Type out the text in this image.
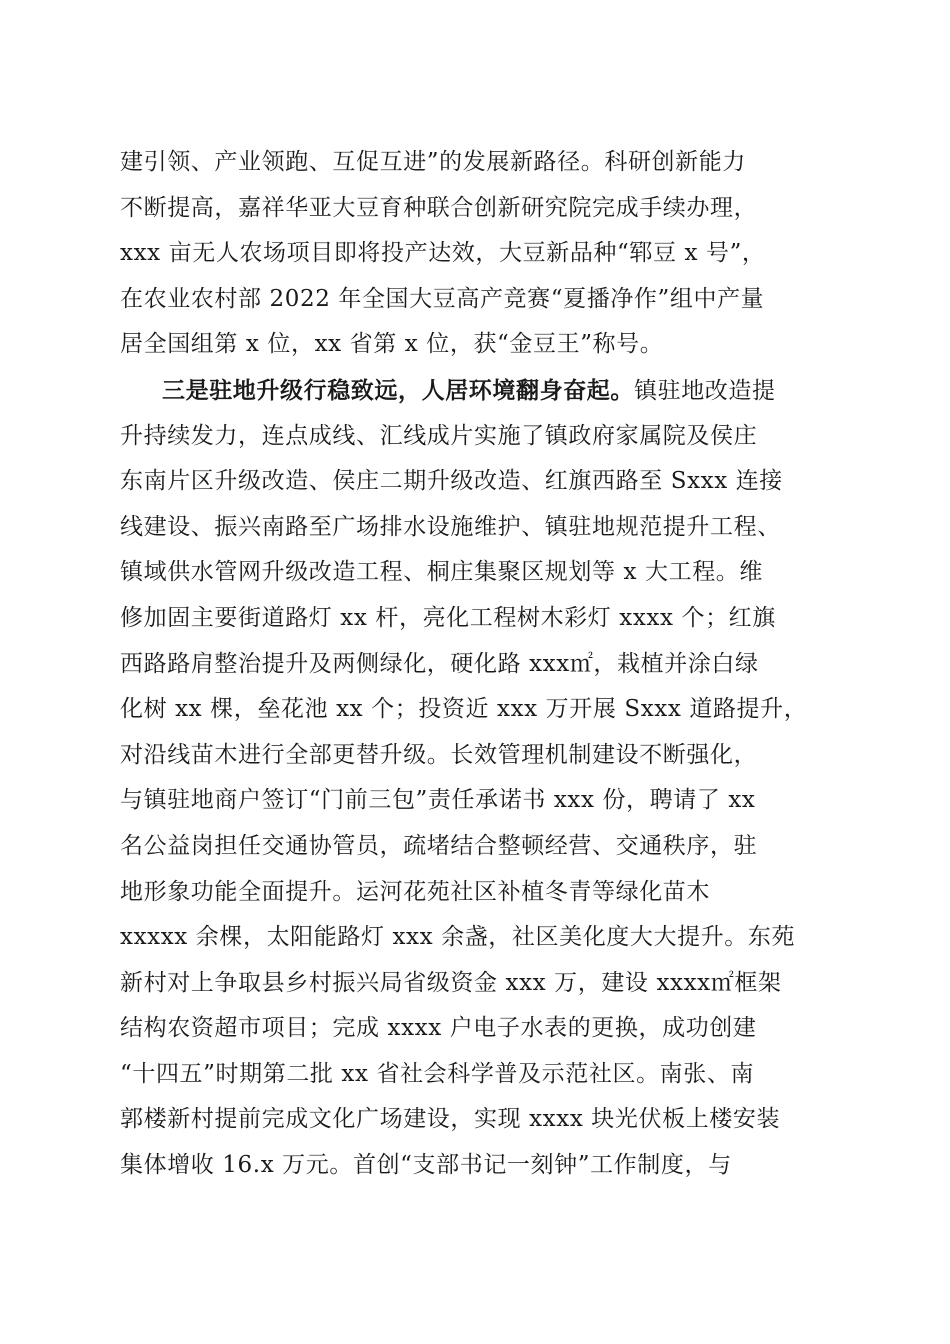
建引领、产业领跑、互促互进”的发展新路径。科研创新能力
不断提高，嘉祥华亚大豆育种联合创新研究院完成手续办理，
xxx 亩无人农场项目即将投产达效，大豆新品种“郓豆 x 号”，
在农业农村部 2022 年全国大豆高产竞赛“夏播净作”组中产量
居全国组第 x 位，xx 省第 x 位，获“金豆王”称号。
三是驻地升级行稳致远，人居环境翻身奋起。镇驻地改造提
升持续发力，连点成线、汇线成片实施了镇政府家属院及侯庄
东南片区升级改造、侯庄二期升级改造、红旗西路至 Sxxx 连接
线建设、振兴南路至广场排水设施维护、镇驻地规范提升工程、
镇域供水管网升级改造工程、桐庄集聚区规划等 x 大工程。维
修加固主要街道路灯 xx 杆，亮化工程树木彩灯 xxxx 个；红旗
西路路肩整治提升及两侧绿化，硬化路 xxx㎡，栽植并涂白绿
化树 xx 棵，垒花池 xx 个；投资近 xxx 万开展 Sxxx 道路提升，
对沿线苗木进行全部更替升级。长效管理机制建设不断强化，
与镇驻地商户签订“门前三包”责任承诺书 xxx 份，聘请了 xx
名公益岗担任交通协管员，疏堵结合整顿经营、交通秩序，驻
地形象功能全面提升。运河花苑社区补植冬青等绿化苗木
xxxxx 余棵，太阳能路灯 xxx 余盏，社区美化度大大提升。东苑
新村对上争取县乡村振兴局省级资金 xxx 万，建设 xxxx㎡框架
结构农资超市项目；完成 xxxx 户电子水表的更换，成功创建
“十四五”时期第二批 xx 省社会科学普及示范社区。南张、南
郭楼新村提前完成文化广场建设，实现 xxxx 块光伏板上楼安装
集体增收 16.x 万元。首创“支部书记一刻钟”工作制度，与
